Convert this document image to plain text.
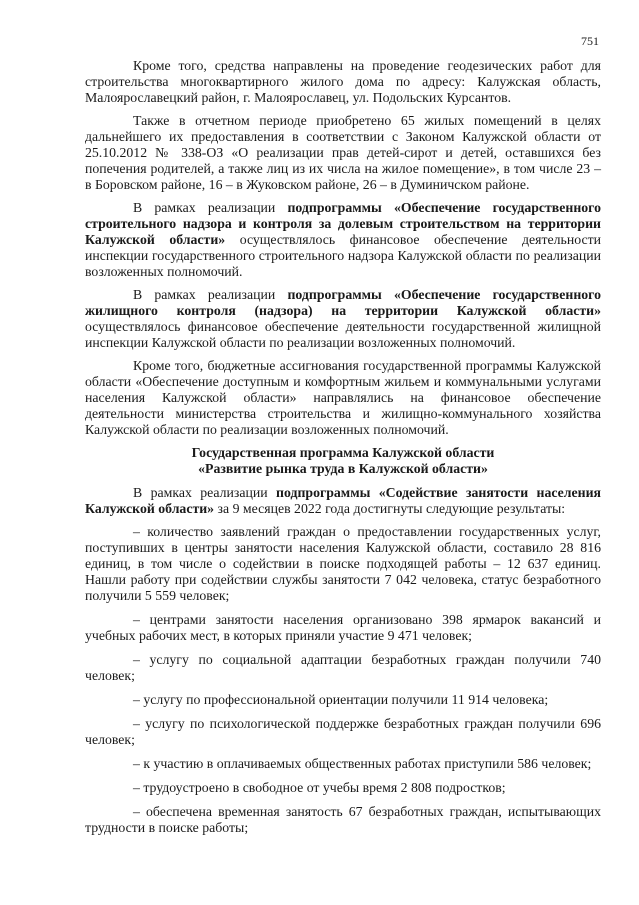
751

Кроме того, средства направлены на проведение геодезических работ для строительства многоквартирного жилого дома по адресу: Калужская область, Малоярославецкий район, г. Малоярославец, ул. Подольских Курсантов.

Также в отчетном периоде приобретено 65 жилых помещений в целях дальнейшего их предоставления в соответствии с Законом Калужской области от 25.10.2012 № 338-ОЗ «О реализации прав детей-сирот и детей, оставшихся без попечения родителей, а также лиц из их числа на жилое помещение», в том числе 23 – в Боровском районе, 16 – в Жуковском районе, 26 – в Думиничском районе.

В рамках реализации подпрограммы «Обеспечение государственного строительного надзора и контроля за долевым строительством на территории Калужской области» осуществлялось финансовое обеспечение деятельности инспекции государственного строительного надзора Калужской области по реализации возложенных полномочий.

В рамках реализации подпрограммы «Обеспечение государственного жилищного контроля (надзора) на территории Калужской области» осуществлялось финансовое обеспечение деятельности государственной жилищной инспекции Калужской области по реализации возложенных полномочий.

Кроме того, бюджетные ассигнования государственной программы Калужской области «Обеспечение доступным и комфортным жильем и коммунальными услугами населения Калужской области» направлялись на финансовое обеспечение деятельности министерства строительства и жилищно-коммунального хозяйства Калужской области по реализации возложенных полномочий.

Государственная программа Калужской области
«Развитие рынка труда в Калужской области»

В рамках реализации подпрограммы «Содействие занятости населения Калужской области» за 9 месяцев 2022 года достигнуты следующие результаты:

– количество заявлений граждан о предоставлении государственных услуг, поступивших в центры занятости населения Калужской области, составило 28 816 единиц, в том числе о содействии в поиске подходящей работы – 12 637 единиц. Нашли работу при содействии службы занятости 7 042 человека, статус безработного получили 5 559 человек;

– центрами занятости населения организовано 398 ярмарок вакансий и учебных рабочих мест, в которых приняли участие 9 471 человек;

– услугу по социальной адаптации безработных граждан получили 740 человек;

– услугу по профессиональной ориентации получили 11 914 человека;

– услугу по психологической поддержке безработных граждан получили 696 человек;

– к участию в оплачиваемых общественных работах приступили 586 человек;

– трудоустроено в свободное от учебы время 2 808 подростков;

– обеспечена временная занятость 67 безработных граждан, испытывающих трудности в поиске работы;
